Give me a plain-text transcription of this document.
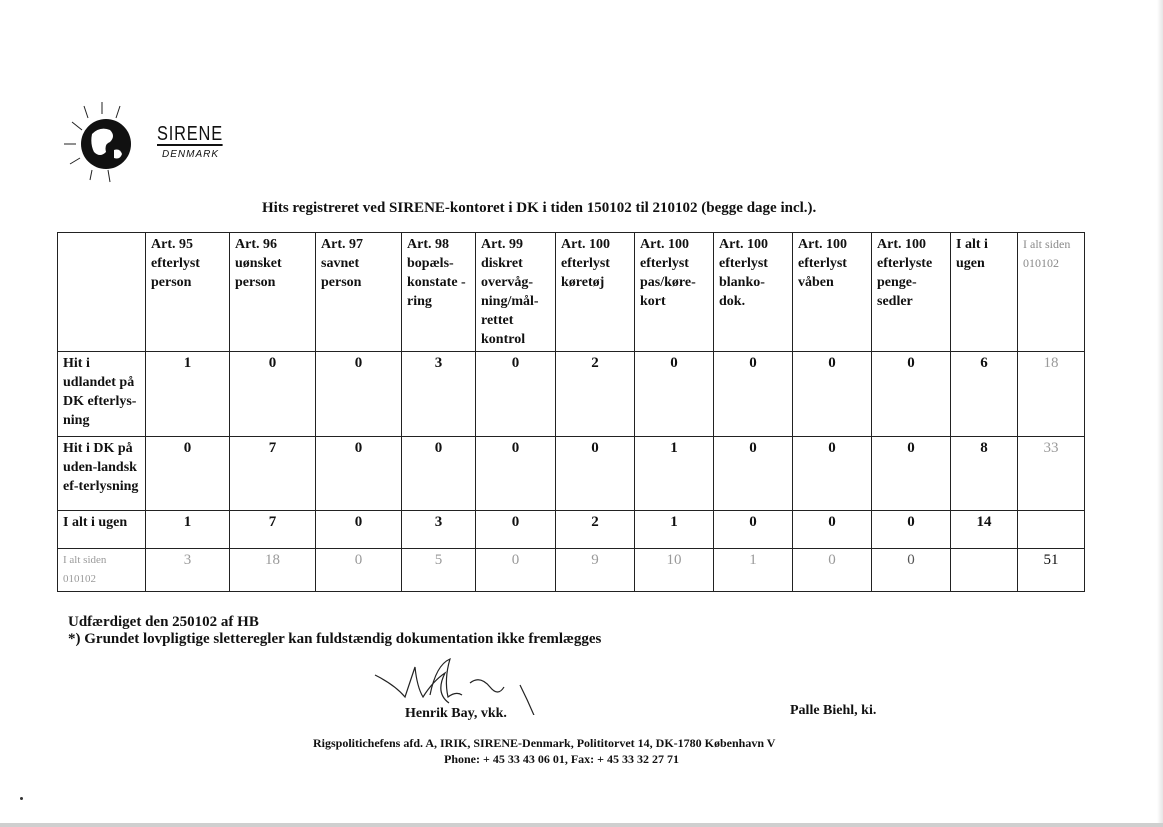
SIRENE
DENMARK
Hits registreret ved SIRENE-kontoret i DK i tiden 150102 til 210102 (begge dage incl.).
	Art. 95 efterlyst person	Art. 96 uønsket person	Art. 97 savnet person	Art. 98 bopæls-konstate -ring	Art. 99 diskret overvåg-ning/mål-rettet kontrol	Art. 100 efterlyst køretøj	Art. 100 efterlyst pas/køre-kort	Art. 100 efterlyst blanko-dok.	Art. 100 efterlyst våben	Art. 100 efterlyste penge-sedler	I alt i ugen	I alt siden 010102
Hit i udlandet på DK efterlys-ning	1	0	0	3	0	2	0	0	0	0	6	18
Hit i DK på uden-landsk ef-terlysning	0	7	0	0	0	0	1	0	0	0	8	33
I alt i ugen	1	7	0	3	0	2	1	0	0	0	14	
I alt siden 010102	3	18	0	5	0	9	10	1	0	0		51
Udfærdiget den 250102 af HB
*) Grundet lovpligtige sletteregler kan fuldstændig dokumentation ikke fremlægges
Henrik Bay, vkk.	Palle Biehl, ki.
Rigspolitichefens afd. A, IRIK, SIRENE-Denmark, Polititorvet 14, DK-1780 København V
Phone: + 45 33 43 06 01, Fax: + 45 33 32 27 71
